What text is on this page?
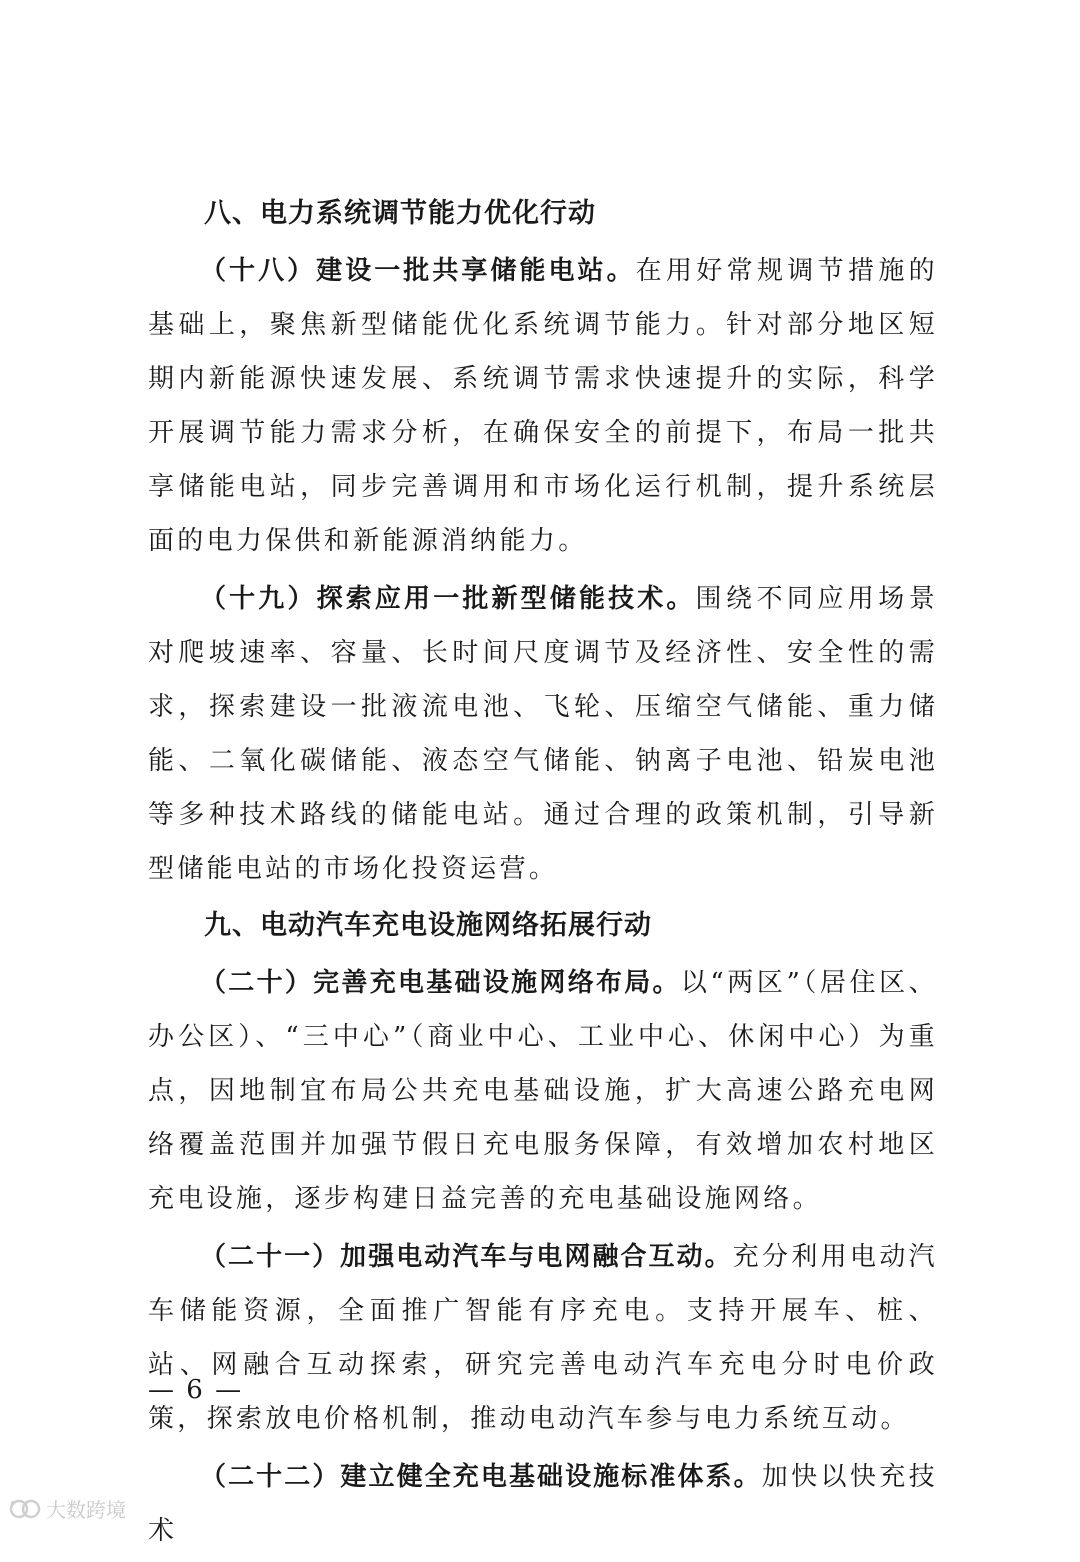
八、电力系统调节能力优化行动

（十八）建设一批共享储能电站。在用好常规调节措施的基础上，聚焦新型储能优化系统调节能力。针对部分地区短期内新能源快速发展、系统调节需求快速提升的实际，科学开展调节能力需求分析，在确保安全的前提下，布局一批共享储能电站，同步完善调用和市场化运行机制，提升系统层面的电力保供和新能源消纳能力。

（十九）探索应用一批新型储能技术。围绕不同应用场景对爬坡速率、容量、长时间尺度调节及经济性、安全性的需求，探索建设一批液流电池、飞轮、压缩空气储能、重力储能、二氧化碳储能、液态空气储能、钠离子电池、铅炭电池等多种技术路线的储能电站。通过合理的政策机制，引导新型储能电站的市场化投资运营。

九、电动汽车充电设施网络拓展行动

（二十）完善充电基础设施网络布局。以“两区”（居住区、办公区）、“三中心”（商业中心、工业中心、休闲中心）为重点，因地制宜布局公共充电基础设施，扩大高速公路充电网络覆盖范围并加强节假日充电服务保障，有效增加农村地区充电设施，逐步构建日益完善的充电基础设施网络。

（二十一）加强电动汽车与电网融合互动。充分利用电动汽车储能资源，全面推广智能有序充电。支持开展车、桩、站、网融合互动探索，研究完善电动汽车充电分时电价政策，探索放电价格机制，推动电动汽车参与电力系统互动。

（二十二）建立健全充电基础设施标准体系。加快以快充技术

— 6 —
大数跨境
